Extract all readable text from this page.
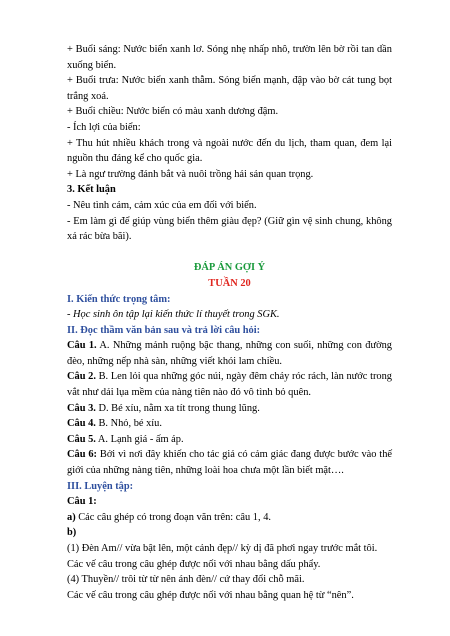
+ Buổi sáng: Nước biển xanh lơ. Sóng nhẹ nhấp nhô, trườn lên bờ rồi tan dần xuống biển.

+ Buổi trưa: Nước biển xanh thẫm. Sóng biển mạnh, đập vào bờ cát tung bọt trắng xoá.

+ Buổi chiều: Nước biển có màu xanh dương đậm.

- Ích lợi của biển:

+ Thu hút nhiều khách trong và ngoài nước đến du lịch, tham quan, đem lại nguồn thu đáng kể cho quốc gia.

+ Là ngư trường đánh bắt và nuôi trồng hải sản quan trọng.

3. Kết luận

- Nêu tình cảm, cảm xúc của em đối với biển.

- Em làm gì để giúp vùng biển thêm giàu đẹp? (Giữ gìn vệ sinh chung, không xả rác bừa bãi).

ĐÁP ÁN GỢI Ý

TUẦN 20

I. Kiến thức trọng tâm:

- Học sinh ôn tập lại kiến thức lí thuyết trong SGK.

II. Đọc thầm văn bản sau và trả lời câu hỏi:

Câu 1. A. Những mảnh ruộng bậc thang, những con suối, những con đường đèo, những nếp nhà sàn, những viết khói lam chiều.

Câu 2. B. Len lỏi qua những góc núi, ngày đêm chảy róc rách, làn nước trong vắt như dải lụa mềm của nàng tiên nào đó vô tình bỏ quên.

Câu 3. D. Bé xíu, nằm xa tít trong thung lũng.

Câu 4. B. Nhỏ, bé xíu.

Câu 5. A. Lạnh giá - ấm áp.

Câu 6: Bởi vì nơi đây khiến cho tác giả có cảm giác đang được bước vào thế giới của những nàng tiên, những loài hoa chưa một lần biết mặt….

III. Luyện tập:

Câu 1:

a) Các câu ghép có trong đoạn văn trên: câu 1, 4.

b)

(1) Đèn Am// vừa bật lên, một cảnh đẹp// kỳ dị đã phơi ngay trước mắt tôi.

Các vế câu trong câu ghép được nối với nhau bằng dấu phẩy.

(4) Thuyền// trôi từ từ nên ánh đèn// cứ thay đổi chỗ mãi.

Các vế câu trong câu ghép được nối với nhau bằng quan hệ từ “nên”.
